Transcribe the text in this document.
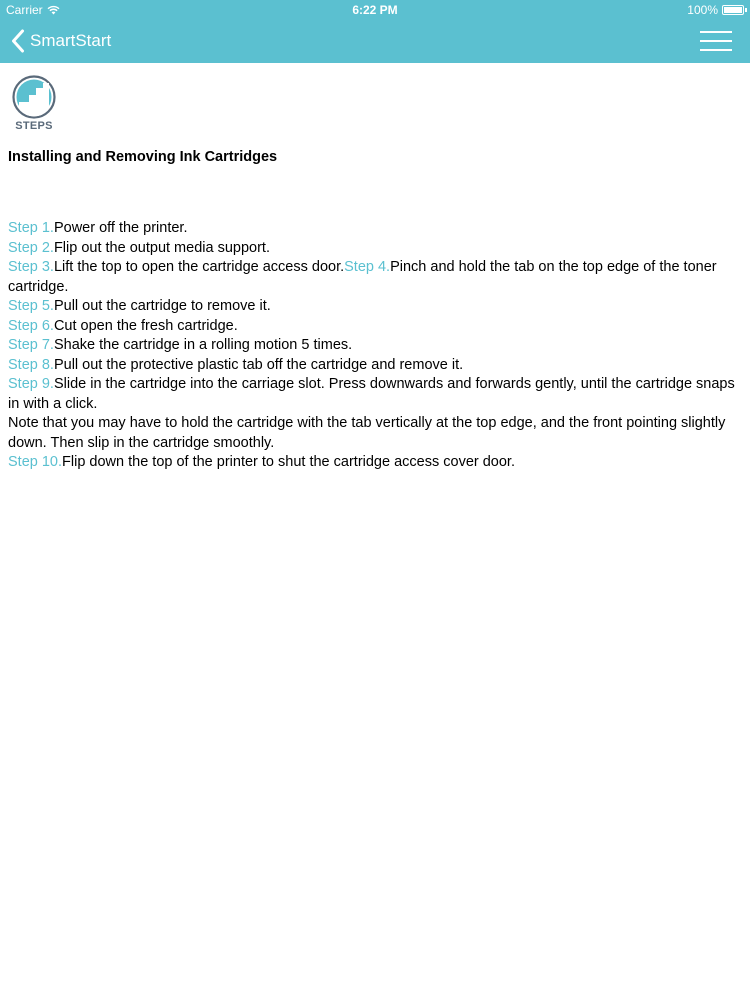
Carrier	6:22 PM	100%
SmartStart
STEPS
Installing and Removing Ink Cartridges

Step 1.Power off the printer.

Step 2.Flip out the output media support.

Step 3.Lift the top to open the cartridge access door.Step 4.Pinch and hold the tab on the top edge of the toner cartridge.

Step 5.Pull out the cartridge to remove it.

Step 6.Cut open the fresh cartridge.

Step 7.Shake the cartridge in a rolling motion 5 times.

Step 8.Pull out the protective plastic tab off the cartridge and remove it.

Step 9.Slide in the cartridge into the carriage slot. Press downwards and forwards gently, until the cartridge snaps in with a click.

Note that you may have to hold the cartridge with the tab vertically at the top edge, and the front pointing slightly down. Then slip in the cartridge smoothly.

Step 10.Flip down the top of the printer to shut the cartridge access cover door.
